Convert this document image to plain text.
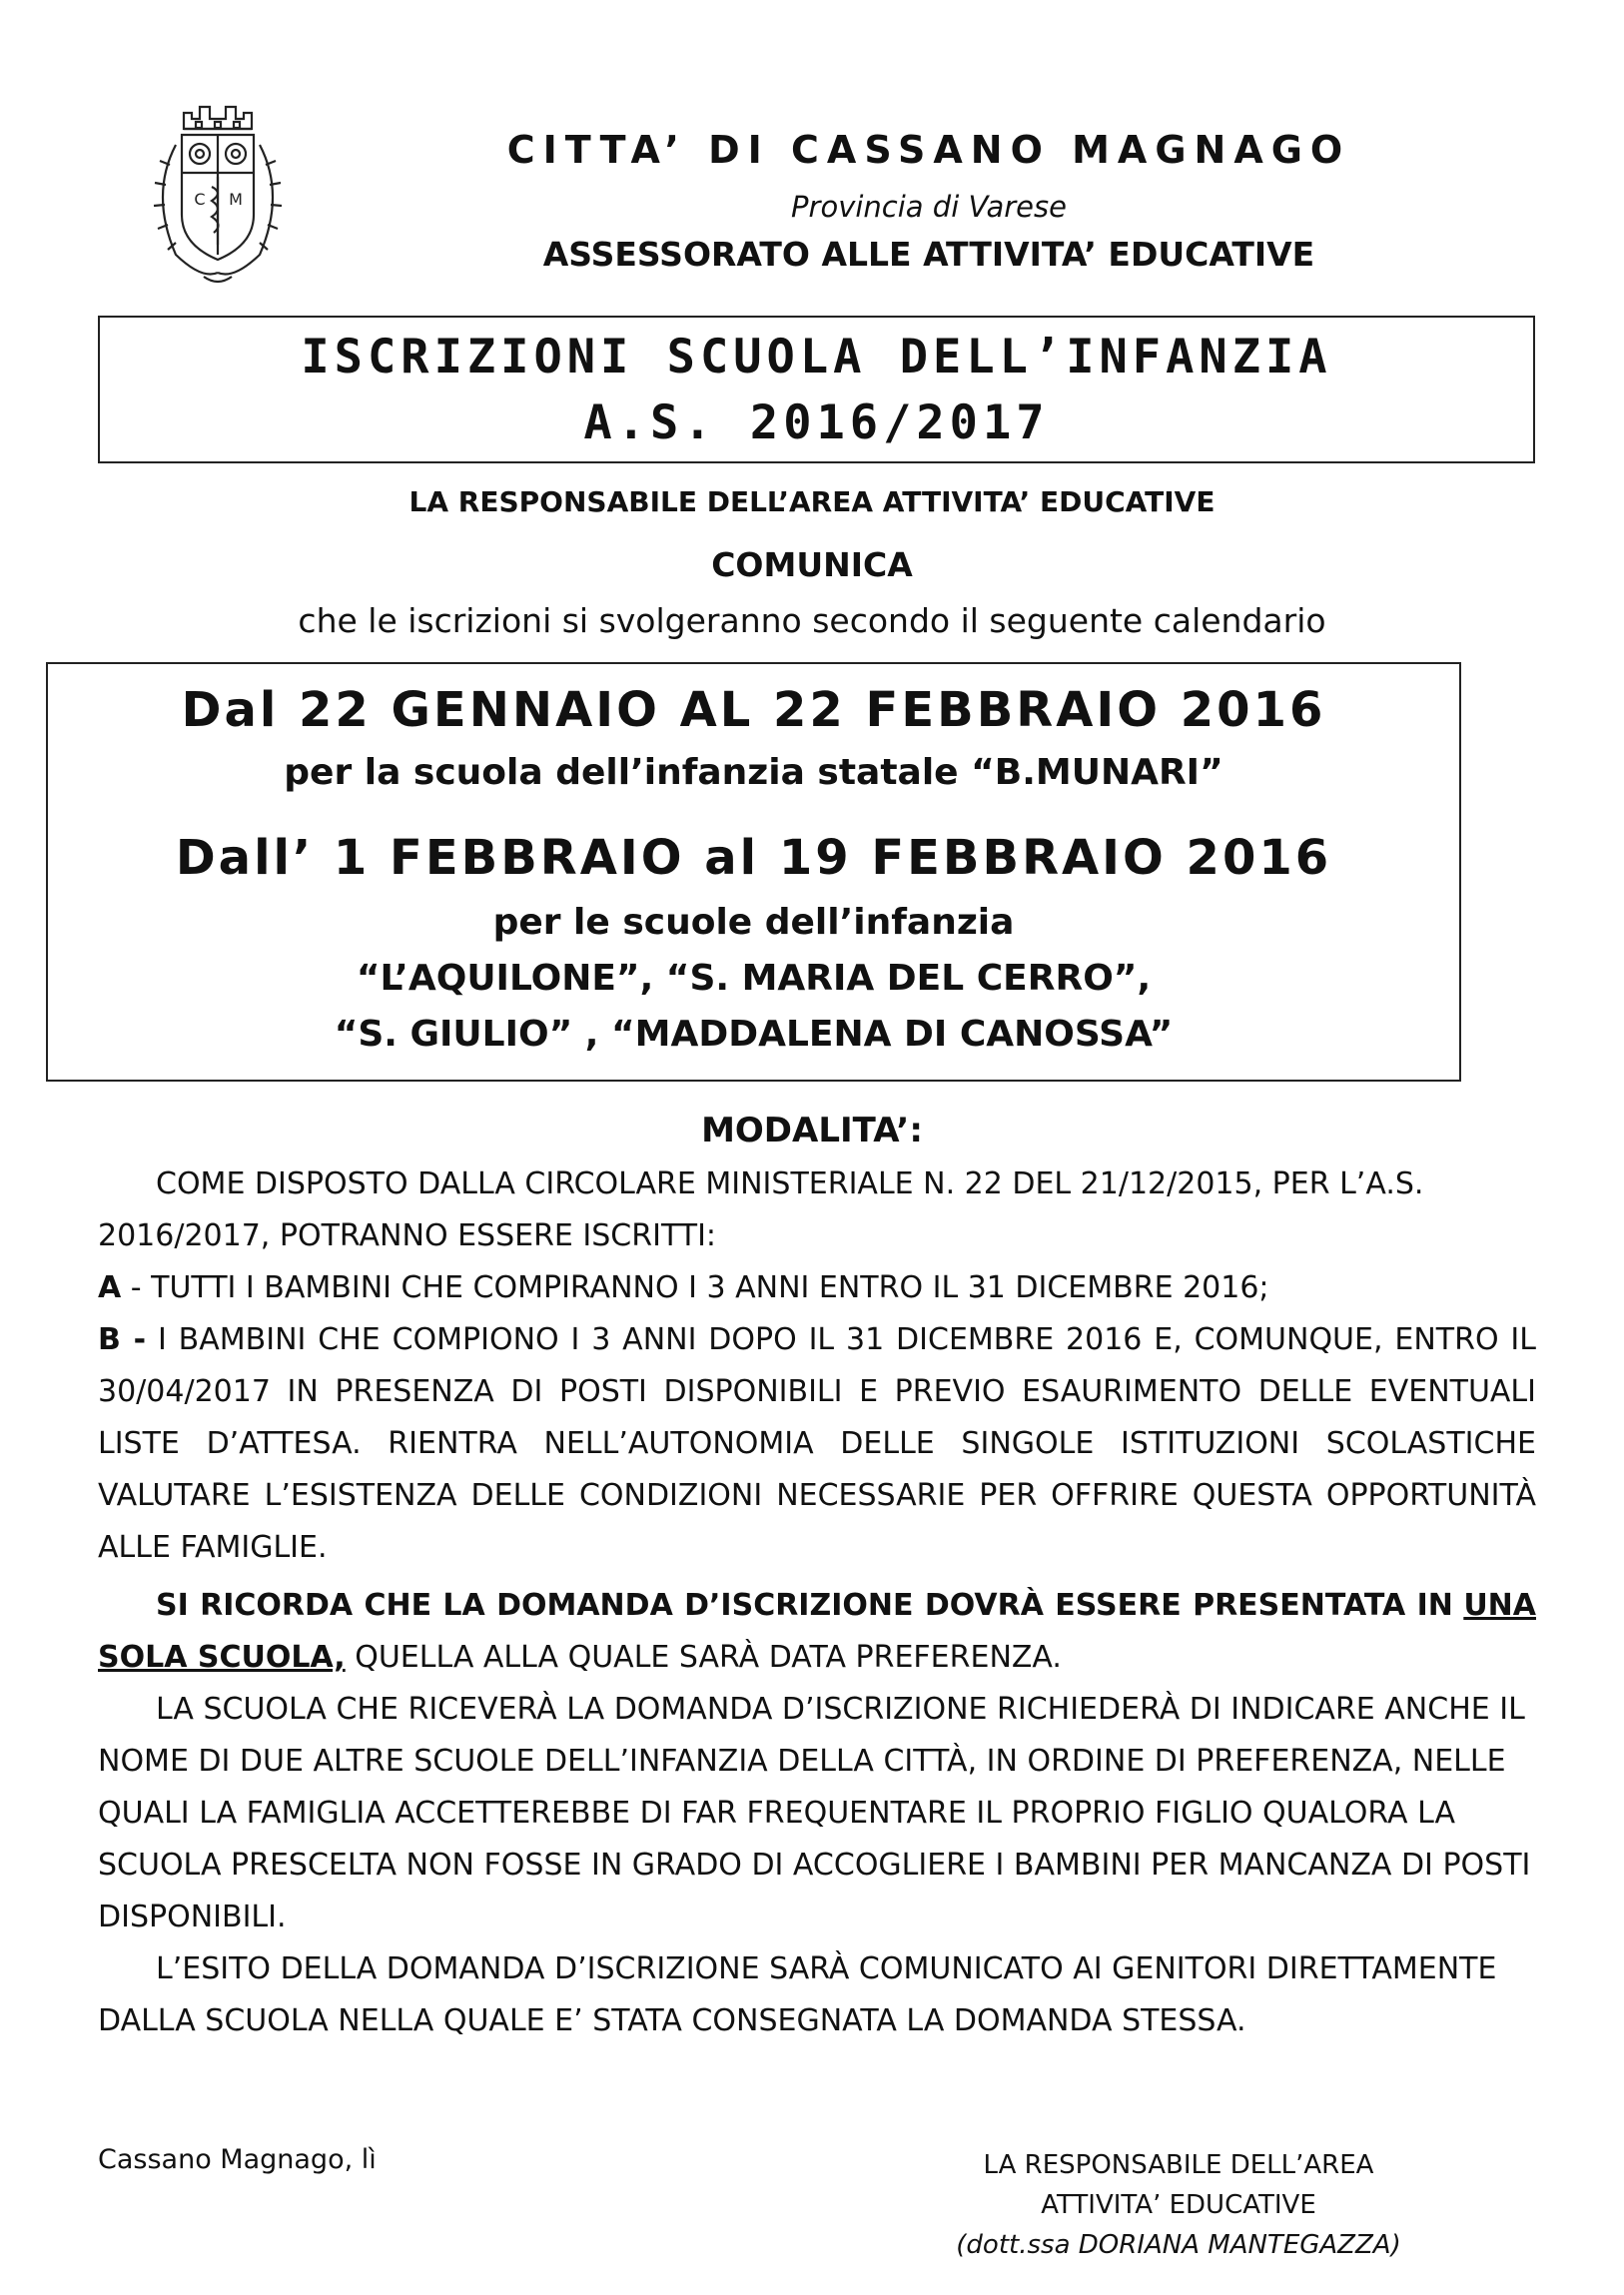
C M
CITTA’ DI CASSANO MAGNAGO
Provincia di Varese
ASSESSORATO ALLE ATTIVITA’ EDUCATIVE
ISCRIZIONI SCUOLA DELL’INFANZIA
A.S. 2016/2017
LA RESPONSABILE DELL’AREA ATTIVITA’ EDUCATIVE
COMUNICA
che le iscrizioni si svolgeranno secondo il seguente calendario
Dal 22 GENNAIO AL 22 FEBBRAIO 2016
per la scuola dell’infanzia statale “B.MUNARI”
Dall’ 1 FEBBRAIO al 19 FEBBRAIO 2016
per le scuole dell’infanzia
“L’AQUILONE”, “S. MARIA DEL CERRO”,
“S. GIULIO” , “MADDALENA DI CANOSSA”
MODALITA’:
COME DISPOSTO DALLA CIRCOLARE MINISTERIALE N. 22 DEL 21/12/2015, PER L’A.S. 2016/2017, POTRANNO ESSERE ISCRITTI:
A - TUTTI I BAMBINI CHE COMPIRANNO I 3 ANNI ENTRO IL 31 DICEMBRE 2016;
B - I BAMBINI CHE COMPIONO I 3 ANNI DOPO IL 31 DICEMBRE 2016 E, COMUNQUE, ENTRO IL 30/04/2017 IN PRESENZA DI POSTI DISPONIBILI E PREVIO ESAURIMENTO DELLE EVENTUALI LISTE D’ATTESA. RIENTRA NELL’AUTONOMIA DELLE SINGOLE ISTITUZIONI SCOLASTICHE VALUTARE L’ESISTENZA DELLE CONDIZIONI NECESSARIE PER OFFRIRE QUESTA OPPORTUNITÀ ALLE FAMIGLIE.
SI RICORDA CHE LA DOMANDA D’ISCRIZIONE DOVRÀ ESSERE PRESENTATA IN UNA SOLA SCUOLA, QUELLA ALLA QUALE SARÀ DATA PREFERENZA.
LA SCUOLA CHE RICEVERÀ LA DOMANDA D’ISCRIZIONE RICHIEDERÀ DI INDICARE ANCHE IL NOME DI DUE ALTRE SCUOLE DELL’INFANZIA DELLA CITTÀ, IN ORDINE DI PREFERENZA, NELLE QUALI LA FAMIGLIA ACCETTEREBBE DI FAR FREQUENTARE IL PROPRIO FIGLIO QUALORA LA SCUOLA PRESCELTA NON FOSSE IN GRADO DI ACCOGLIERE I BAMBINI PER MANCANZA DI POSTI DISPONIBILI.
L’ESITO DELLA DOMANDA D’ISCRIZIONE SARÀ COMUNICATO AI GENITORI DIRETTAMENTE DALLA SCUOLA NELLA QUALE E’ STATA CONSEGNATA LA DOMANDA STESSA.
Cassano Magnago, lì	LA RESPONSABILE DELL’AREA
ATTIVITA’ EDUCATIVE
(dott.ssa DORIANA MANTEGAZZA)
